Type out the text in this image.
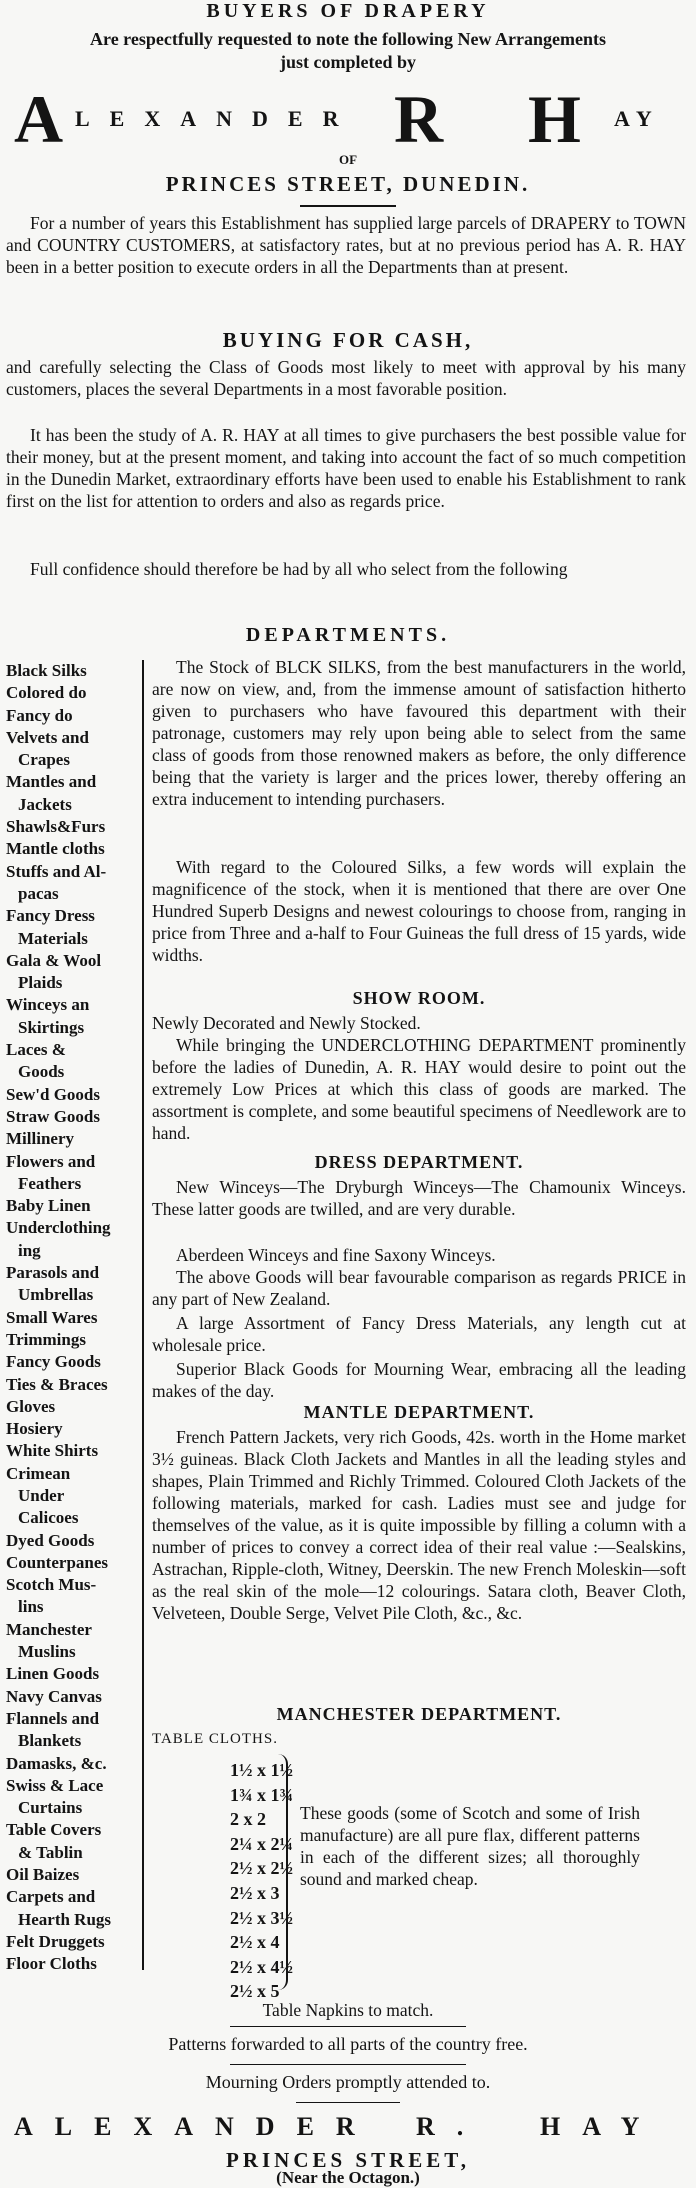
BUYERS OF DRAPERY

Are respectfully requested to note the following New Arrangements

just completed by

A LEXANDER R H AY

OF

PRINCES STREET, DUNEDIN.

For a number of years this Establishment has supplied large parcels of DRAPERY to TOWN and COUNTRY CUSTOMERS, at satisfactory rates, but at no previous period has A. R. HAY been in a better position to execute orders in all the Departments than at present.

BUYING FOR CASH,

and carefully selecting the Class of Goods most likely to meet with approval by his many customers, places the several Departments in a most favorable position.

It has been the study of A. R. HAY at all times to give purchasers the best possible value for their money, but at the present moment, and taking into account the fact of so much competition in the Dunedin Market, extraordinary efforts have been used to enable his Establishment to rank first on the list for attention to orders and also as regards price.

Full confidence should therefore be had by all who select from the following

DEPARTMENTS.

Black Silks
Colored do
Fancy do
Velvets and
Crapes
Mantles and
Jackets
Shawls&Furs
Mantle cloths
Stuffs and Al-
pacas
Fancy Dress
Materials
Gala & Wool
Plaids
Winceys an
Skirtings
Laces &
Goods
Sew'd Goods
Straw Goods
Millinery
Flowers and
Feathers
Baby Linen
Underclothing
ing
Parasols and
Umbrellas
Small Wares
Trimmings
Fancy Goods
Ties & Braces
Gloves
Hosiery
White Shirts
Crimean
Under
Calicoes
Dyed Goods
Counterpanes
Scotch Mus-
lins
Manchester
Muslins
Linen Goods
Navy Canvas
Flannels and
Blankets
Damasks, &c.
Swiss & Lace
Curtains
Table Covers
& Tablin
Oil Baizes
Carpets and
Hearth Rugs
Felt Druggets
Floor Cloths

The Stock of BLCK SILKS, from the best manufacturers in the world, are now on view, and, from the immense amount of satisfaction hitherto given to purchasers who have favoured this department with their patronage, customers may rely upon being able to select from the same class of goods from those renowned makers as before, the only difference being that the variety is larger and the prices lower, thereby offering an extra inducement to intending purchasers.

With regard to the Coloured Silks, a few words will explain the magnificence of the stock, when it is mentioned that there are over One Hundred Superb Designs and newest colourings to choose from, ranging in price from Three and a-half to Four Guineas the full dress of 15 yards, wide widths.

SHOW ROOM.

Newly Decorated and Newly Stocked.

While bringing the UNDERCLOTHING DEPARTMENT prominently before the ladies of Dunedin, A. R. HAY would desire to point out the extremely Low Prices at which this class of goods are marked. The assortment is complete, and some beautiful specimens of Needlework are to hand.

DRESS DEPARTMENT.

New Winceys—The Dryburgh Winceys—The Chamounix Winceys. These latter goods are twilled, and are very durable.

Aberdeen Winceys and fine Saxony Winceys.

The above Goods will bear favourable comparison as regards PRICE in any part of New Zealand.

A large Assortment of Fancy Dress Materials, any length cut at wholesale price.

Superior Black Goods for Mourning Wear, embracing all the leading makes of the day.

MANTLE DEPARTMENT.

French Pattern Jackets, very rich Goods, 42s. worth in the Home market 3½ guineas. Black Cloth Jackets and Mantles in all the leading styles and shapes, Plain Trimmed and Richly Trimmed. Coloured Cloth Jackets of the following materials, marked for cash. Ladies must see and judge for themselves of the value, as it is quite impossible by filling a column with a number of prices to convey a correct idea of their real value :—Sealskins, Astrachan, Ripple-cloth, Witney, Deerskin. The new French Moleskin—soft as the real skin of the mole—12 colourings. Satara cloth, Beaver Cloth, Velveteen, Double Serge, Velvet Pile Cloth, &c., &c.

MANCHESTER DEPARTMENT.

TABLE CLOTHS.

1½ x 1½
1¾ x 1¾
2 x 2
2¼ x 2¼
2½ x 2½
2½ x 3
2½ x 3½
2½ x 4
2½ x 4½
2½ x 5

These goods (some of Scotch and some of Irish manufacture) are all pure flax, different patterns in each of the different sizes; all thoroughly sound and marked cheap.

Table Napkins to match.

Patterns forwarded to all parts of the country free.

Mourning Orders promptly attended to.

ALEXANDER R. HAY

PRINCES STREET,

(Near the Octagon.)
